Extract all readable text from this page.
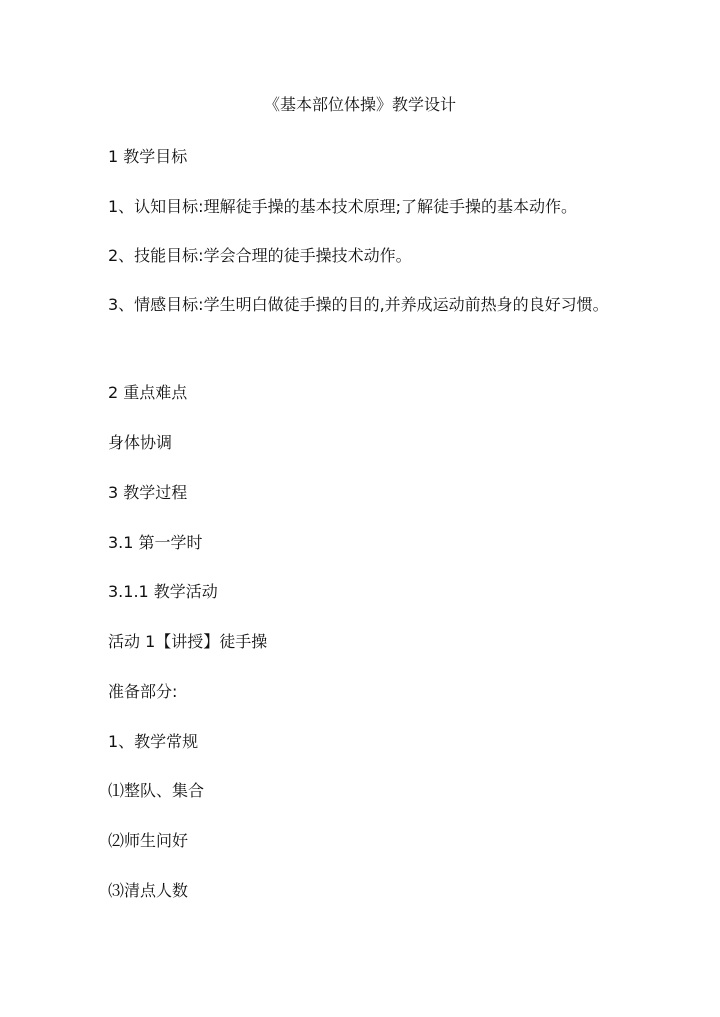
《基本部位体操》教学设计
1 教学目标
1、认知目标:理解徒手操的基本技术原理;了解徒手操的基本动作。
2、技能目标:学会合理的徒手操技术动作。
3、情感目标:学生明白做徒手操的目的,并养成运动前热身的良好习惯。
2 重点难点
身体协调
3 教学过程
3.1 第一学时
3.1.1 教学活动
活动 1【讲授】徒手操
准备部分:
1、教学常规
⑴整队、集合
⑵师生问好
⑶清点人数
